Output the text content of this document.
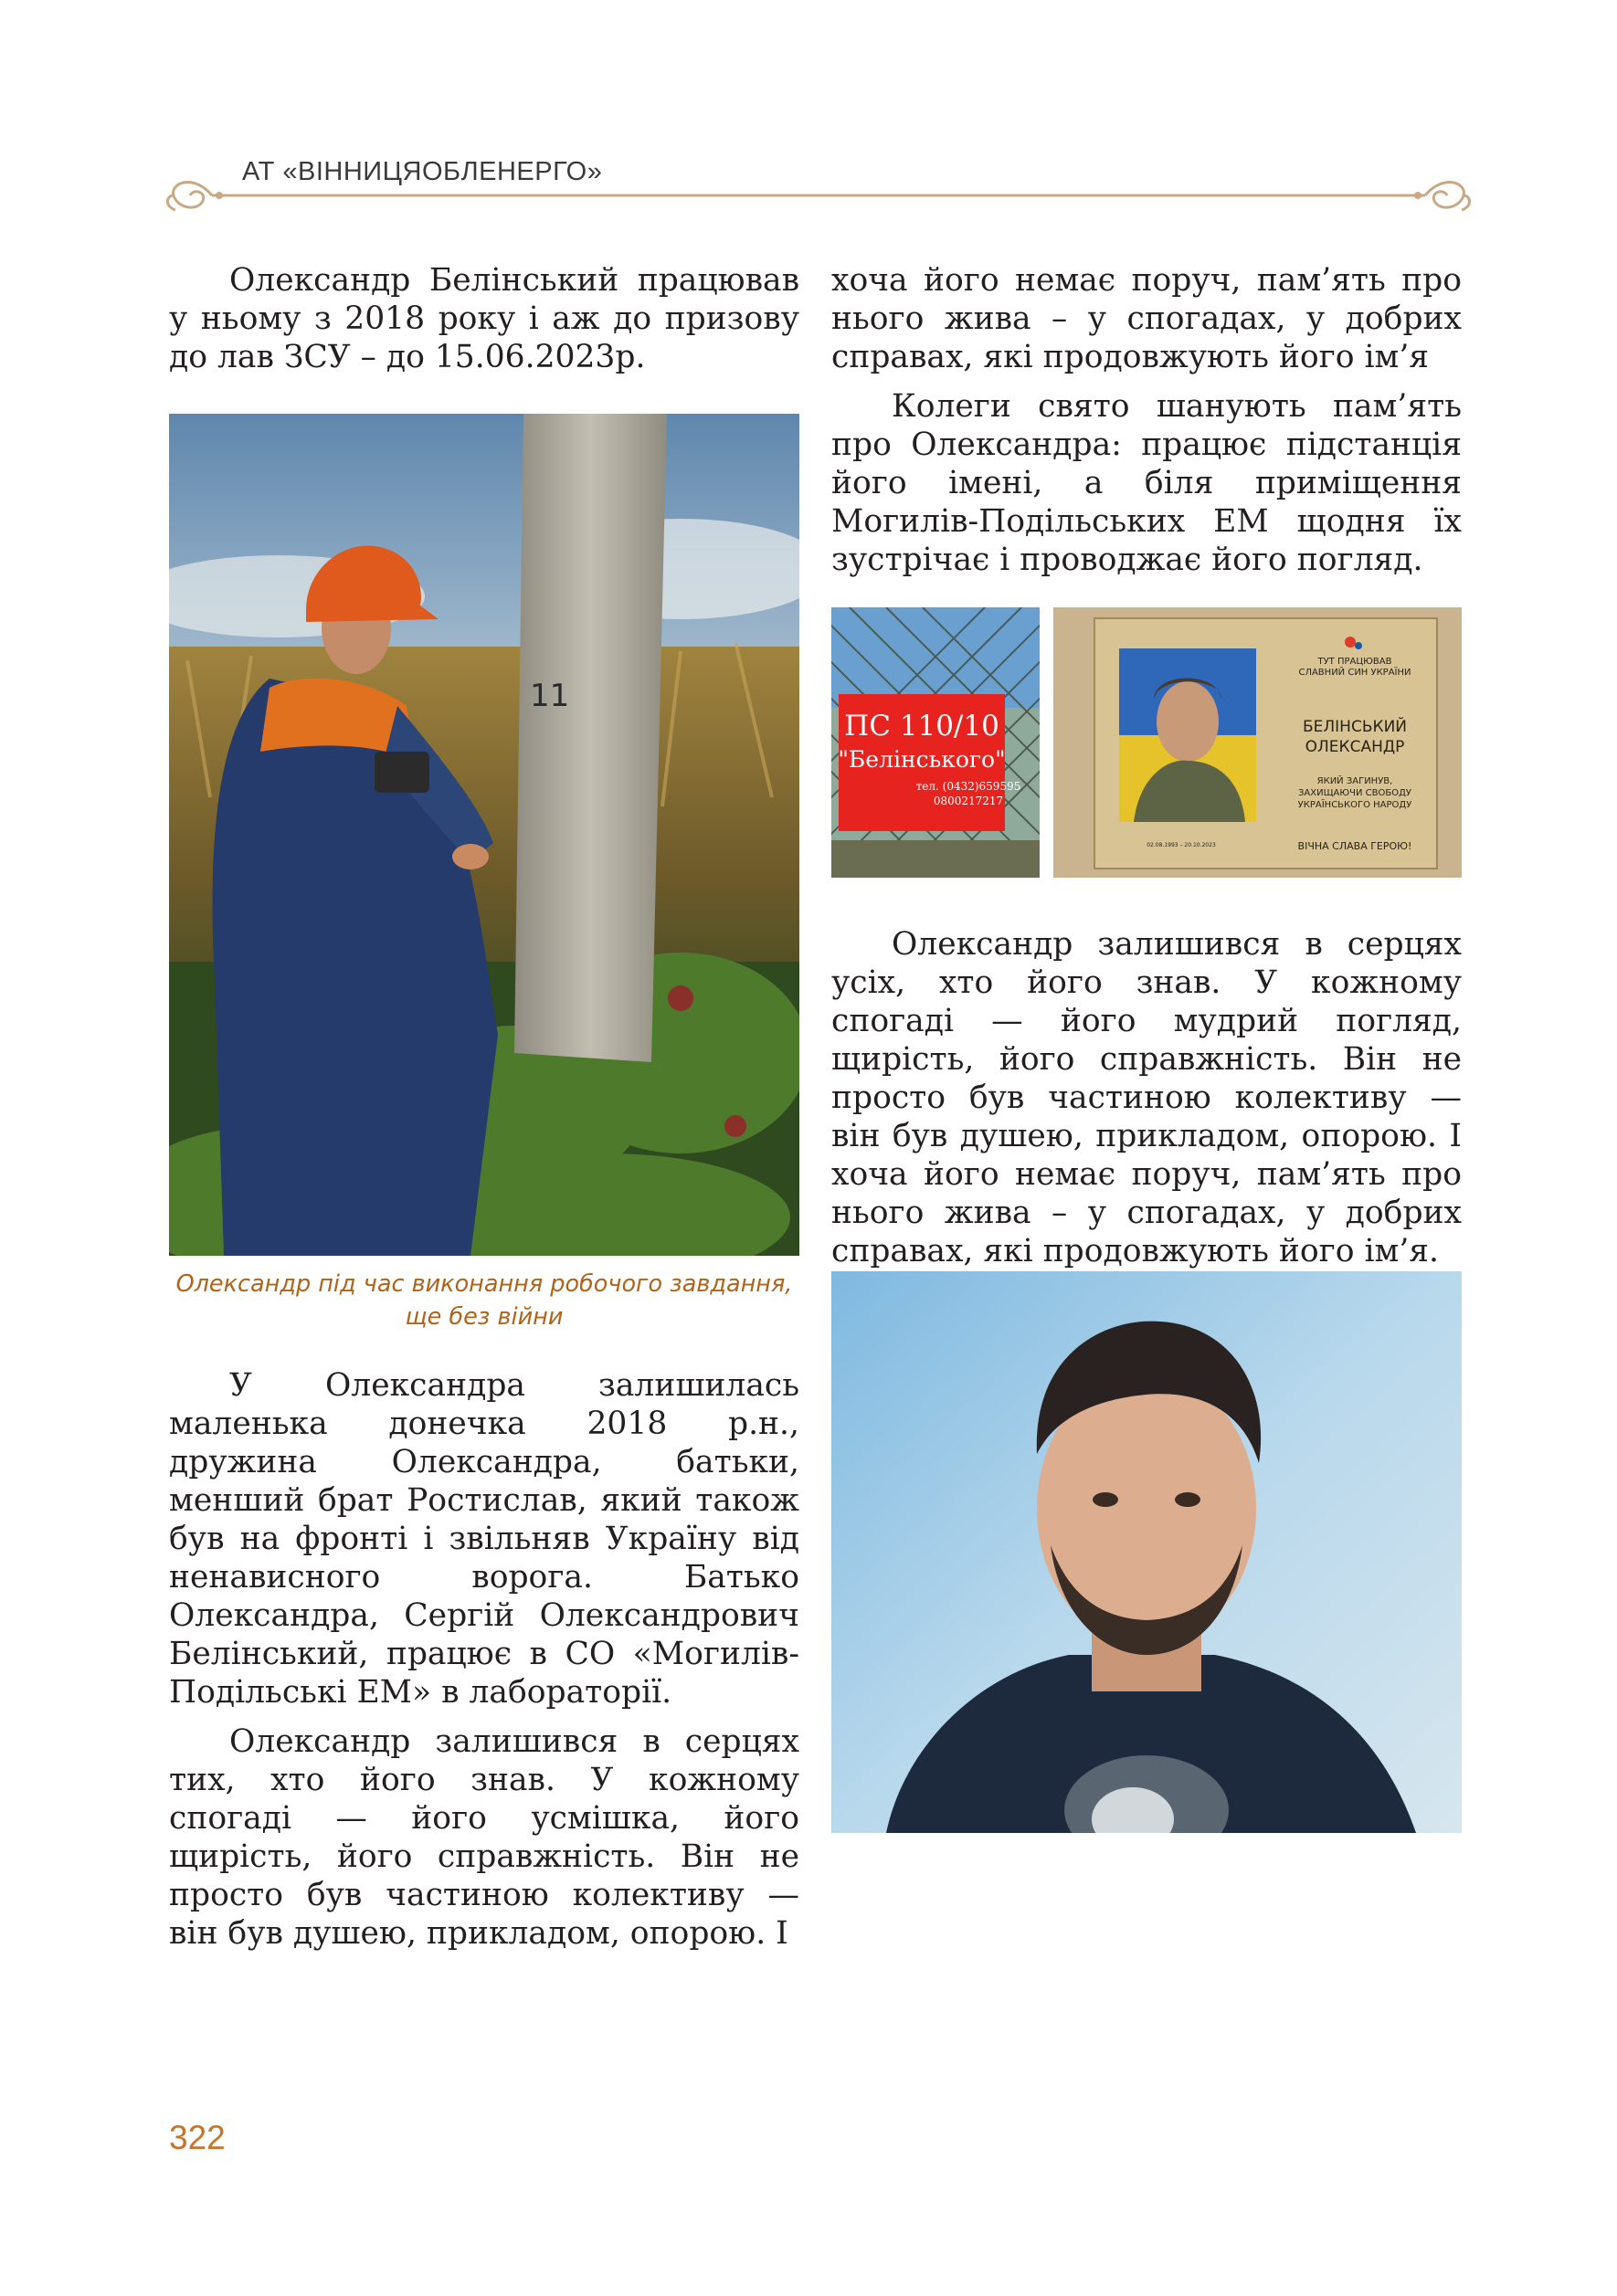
АТ «ВІННИЦЯОБЛЕНЕРГО»

Олександр Белінський працював у ньому з 2018 року і аж до призову до лав ЗСУ – до 15.06.2023р.

11
Олександр під час виконання робочого завдання, ще без війни

У Олександра залишилась маленька донечка 2018 р.н., дружина Олександра, батьки, менший брат Ростислав, який також був на фронті і звільняв Україну від ненависного ворога. Батько Олександра, Сергій Олександрович Белінський, працює в СО «Могилів-Подільські ЕМ» в лабораторії.

Олександр залишився в серцях тих, хто його знав. У кожному спогаді — його усмішка, його щирість, його справжність. Він не просто був частиною колективу — він був душею, прикладом, опорою. І

хоча його немає поруч, пам’ять про нього жива – у спогадах, у добрих справах, які продовжують його ім’я

Колеги свято шанують пам’ять про Олександра: працює підстанція його імені, а біля приміщення Могилів-Подільських ЕМ щодня їх зустрічає і проводжає його погляд.

ПС 110/10
"Белінського"
тел. (0432)659595
0800217217
ТУТ ПРАЦЮВАВ
СЛАВНИЙ СИН УКРАЇНИ
БЕЛІНСЬКИЙ
ОЛЕКСАНДР
ЯКИЙ ЗАГИНУВ,
ЗАХИЩАЮЧИ СВОБОДУ
УКРАЇНСЬКОГО НАРОДУ
02.08.1993 – 20.10.2023	ВІЧНА СЛАВА ГЕРОЮ!

Олександр залишився в серцях усіх, хто його знав. У кожному спогаді — його мудрий погляд, щирість, його справжність. Він не просто був частиною колективу — він був душею, прикладом, опорою. І хоча його немає поруч, пам’ять про нього жива – у спогадах, у добрих справах, які продовжують його ім’я.

322
